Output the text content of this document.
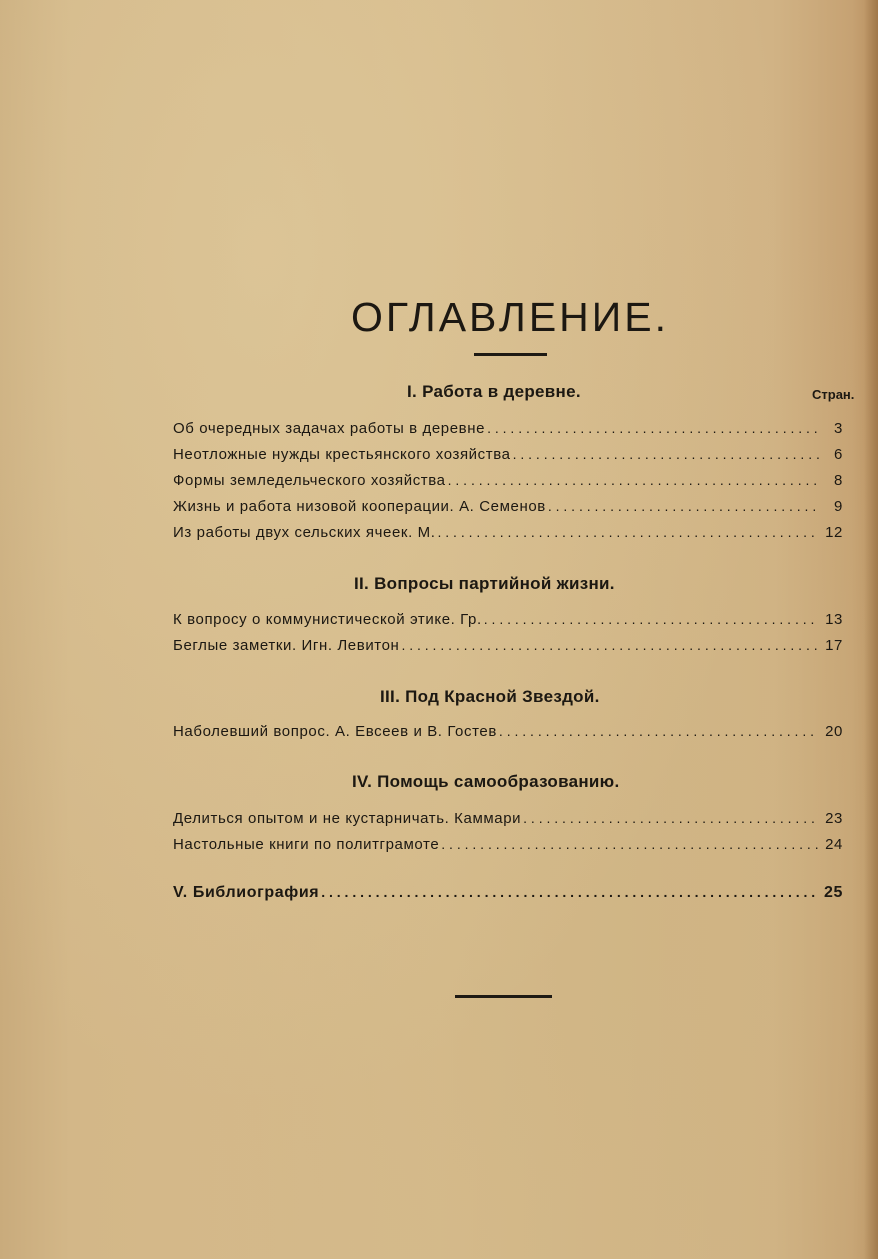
ОГЛАВЛЕНИЕ.
I. Работа в деревне.	Стран.
Об очередных задачах работы в деревне . . .	3
Неотложные нужды крестьянского хозяйства . . .	6
Формы земледельческого хозяйства . . .	8
Жизнь и работа низовой кооперации. А. Семенов . . .	9
Из работы двух сельских ячеек. М. . . .	12
II. Вопросы партийной жизни.
К вопросу о коммунистической этике. Гр. . . .	13
Беглые заметки. Игн. Левитон . . .	17
III. Под Красной Звездой.
Наболевший вопрос. А. Евсеев и В. Гостев . . .	20
IV. Помощь самообразованию.
Делиться опытом и не кустарничать. Каммари . . .	23
Настольные книги по политграмоте . . .	24
V. Библиография . . .	25
